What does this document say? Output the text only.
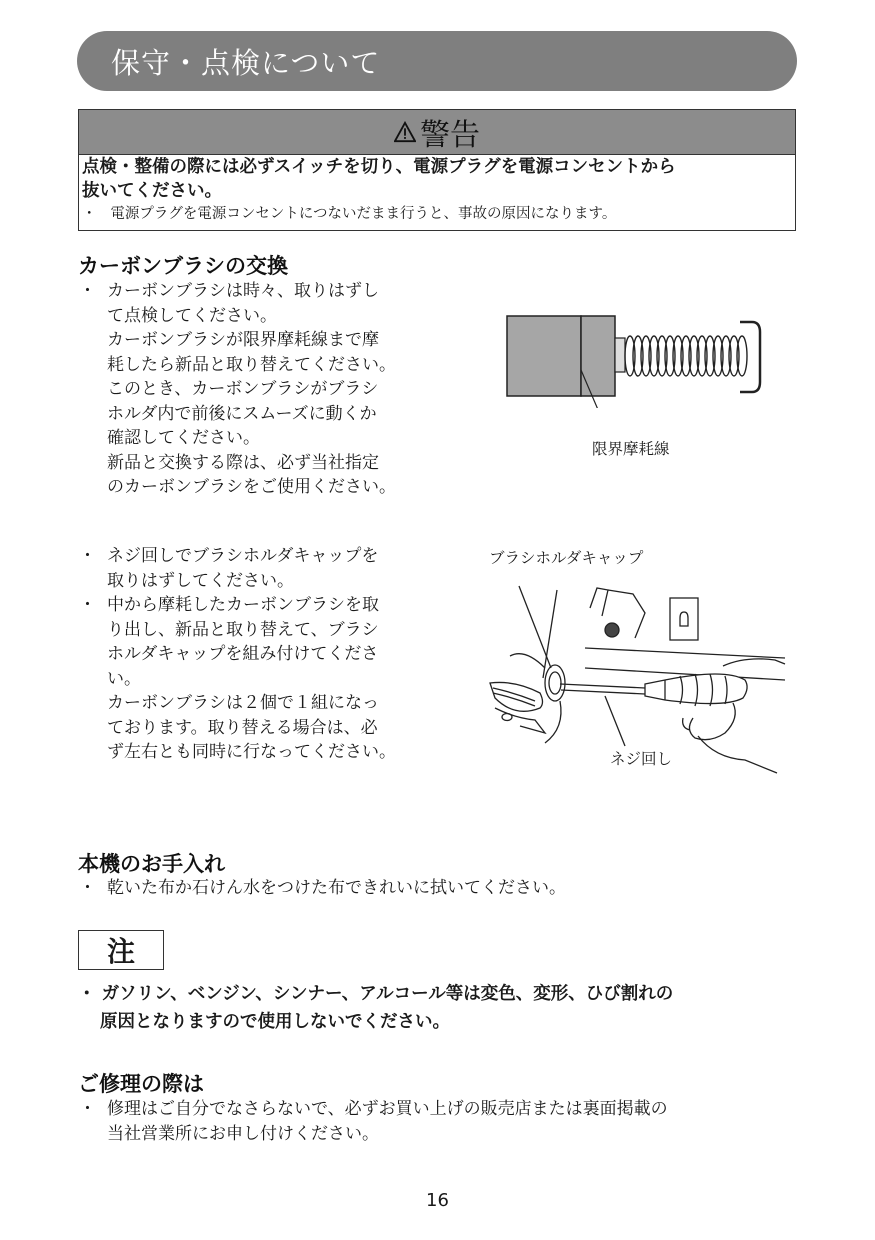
保守・点検について
警告
点検・整備の際には必ずスイッチを切り、電源プラグを電源コンセントから
抜いてください。
・ 電源プラグを電源コンセントにつないだまま行うと、事故の原因になります。
カーボンブラシの交換
・ カーボンブラシは時々、取りはずし
て点検してください。
カーボンブラシが限界摩耗線まで摩
耗したら新品と取り替えてください。
このとき、カーボンブラシがブラシ
ホルダ内で前後にスムーズに動くか
確認してください。
新品と交換する際は、必ず当社指定
のカーボンブラシをご使用ください。
限界摩耗線
・ ネジ回しでブラシホルダキャップを
取りはずしてください。
・ 中から摩耗したカーボンブラシを取
り出し、新品と取り替えて、ブラシ
ホルダキャップを組み付けてくださ
い。
カーボンブラシは２個で１組になっ
ております。取り替える場合は、必
ず左右とも同時に行なってください。
ブラシホルダキャップ
ネジ回し
本機のお手入れ
・ 乾いた布か石けん水をつけた布できれいに拭いてください。
注
・ ガソリン、ベンジン、シンナー、アルコール等は変色、変形、ひび割れの
原因となりますので使用しないでください。
ご修理の際は
・ 修理はご自分でなさらないで、必ずお買い上げの販売店または裏面掲載の
当社営業所にお申し付けください。
16
